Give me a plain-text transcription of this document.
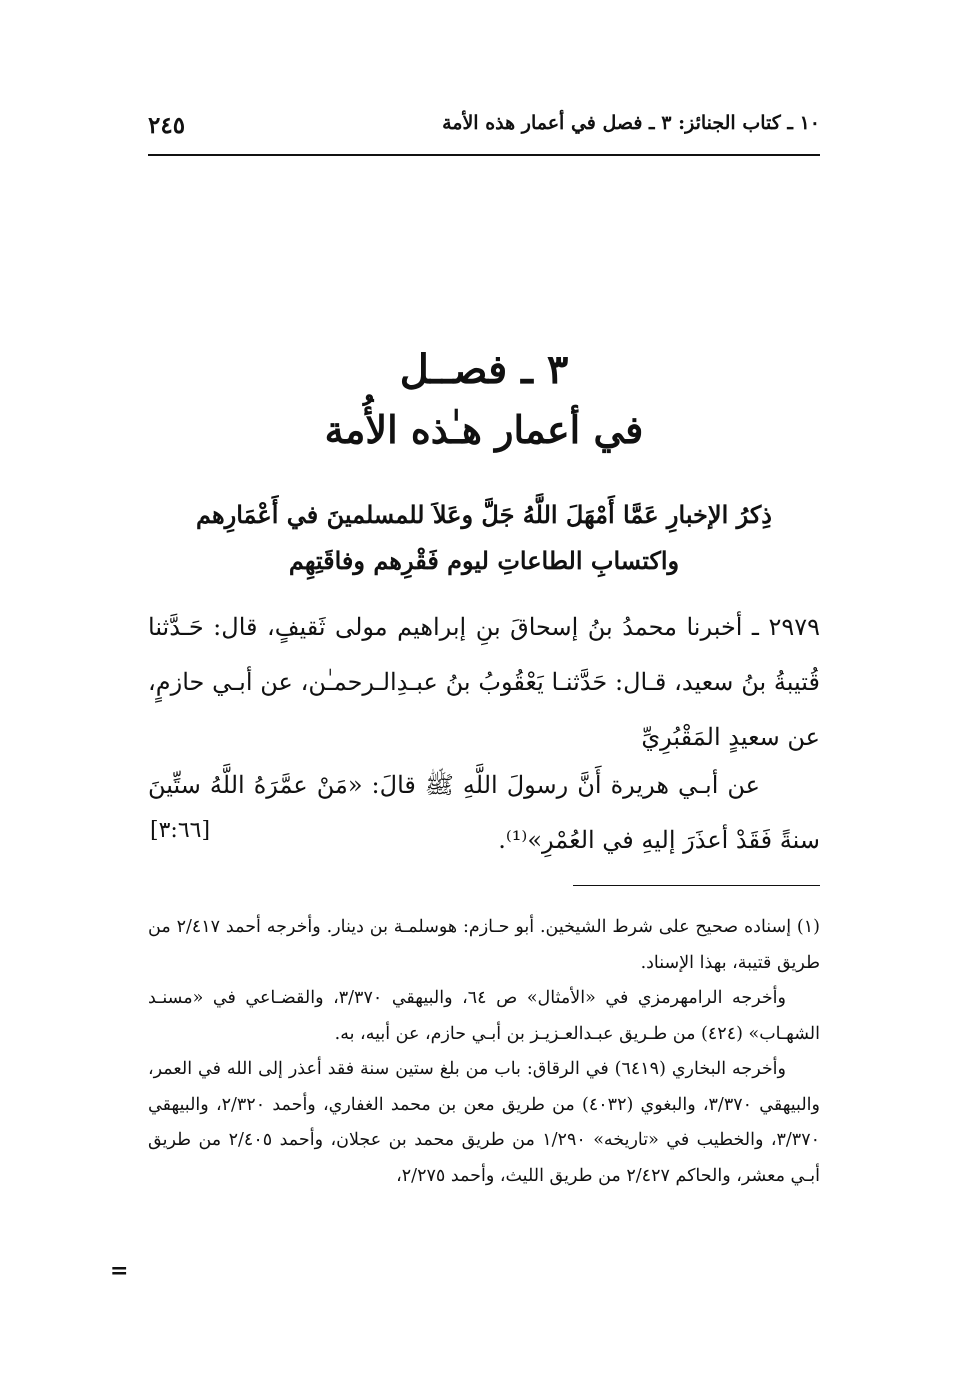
١٠ ـ كتاب الجنائز: ٣ ـ فصل في أعمار هذه الأمة
٢٤٥
٣ ـ فصــل
في أعمار هـٰذه الأُمة
ذِكرُ الإخبارِ عَمَّا أَمْهَلَ اللَّهُ جَلَّ وعَلاَ للمسلمينَ في أَعْمَارِهم
واكتسابِ الطاعاتِ ليوم فَقْرِهم وفاقَتِهِم
٢٩٧٩ ـ أخبرنا محمدُ بنُ إسحاقَ بنِ إبراهيم مولى ثَقيفٍ، قال: حَـدَّثنا قُتيبةُ بنُ سعيد، قـال: حَدَّثنـا يَعْقُوبُ بنُ عبـدِالـرحمـٰن، عن أبـي حازمٍ، عن سعيدٍ المَقْبُرِيِّ
عن أبـي هريرة أَنَّ رسولَ اللَّهِ ﷺ قالَ: «مَنْ عمَّرَهُ اللَّهُ ستِّينَ سنةً فَقَدْ أعذَرَ إليهِ في العُمْرِ»⁽¹⁾.
[٣:٦٦]

(١) إسناده صحيح على شرط الشيخين. أبو حـازم: هوسلمـة بن دينار. وأخرجه أحمد ٢/٤١٧ من طريق قتيبة، بهذا الإسناد.

وأخرجه الرامهرمزي في «الأمثال» ص ٦٤، والبيهقي ٣/٣٧٠، والقضـاعي في «مسنـد الشهـاب» (٤٢٤) من طـريق عبـدالعـزيـز بن أبـي حازم، عن أبيه، به.

وأخرجه البخاري (٦٤١٩) في الرقاق: باب من بلغ ستين سنة فقد أعذر إلى الله في العمر، والبيهقي ٣/٣٧٠، والبغوي (٤٠٣٢) من طريق معن بن محمد الغفاري، وأحمد ٢/٣٢٠، والبيهقي ٣/٣٧٠، والخطيب في «تاريخه» ١/٢٩٠ من طريق محمد بن عجلان، وأحمد ٢/٤٠٥ من طريق أبـي معشر، والحاكم ٢/٤٢٧ من طريق الليث، وأحمد ٢/٢٧٥،

=
